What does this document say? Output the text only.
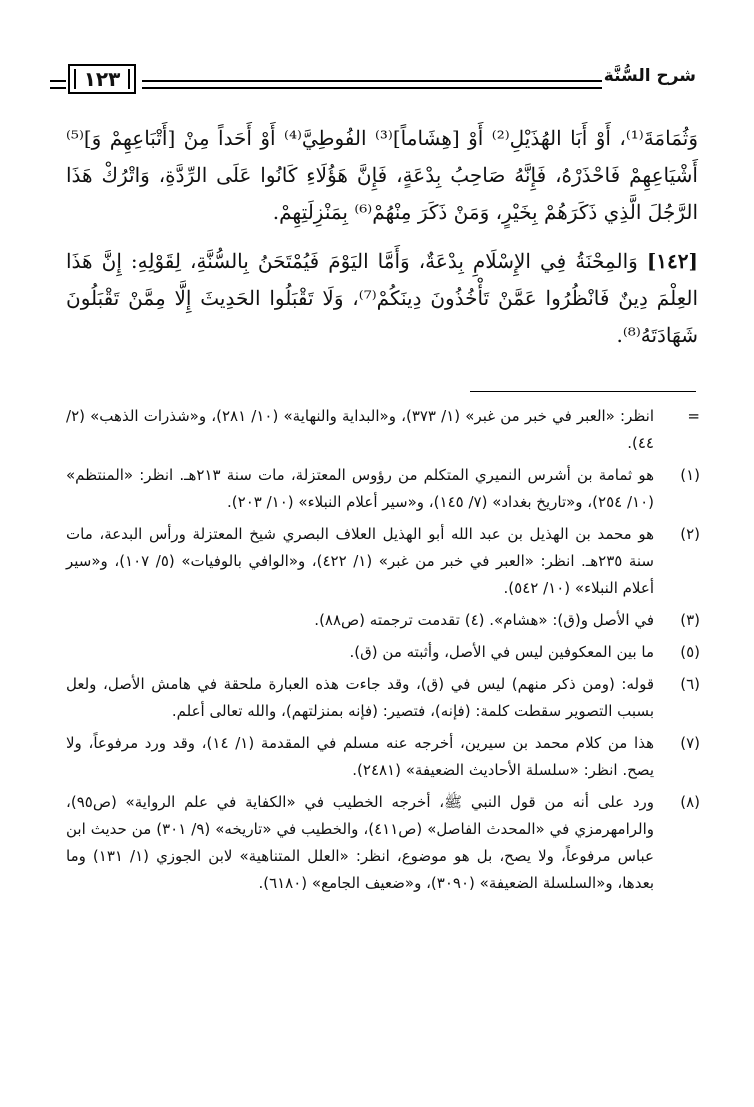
شرح السُّنَّة
١٢٣

وَثُمَامَةَ⁽¹⁾، أَوْ أَبَا الهُذَيْلِ⁽²⁾ أَوْ [هِشَاماً]⁽³⁾ الفُوطِيَّ⁽⁴⁾ أَوْ أَحَداً مِنْ [أَتْبَاعِهِمْ وَ]⁽⁵⁾ أَشْيَاعِهِمْ فَاحْذَرْهُ، فَإِنَّهُ صَاحِبُ بِدْعَةٍ، فَإِنَّ هَؤُلَاءِ كَانُوا عَلَى الرِّدَّةِ، وَاتْرُكْ هَذَا الرَّجُلَ الَّذِي ذَكَرَهُمْ بِخَيْرٍ، وَمَنْ ذَكَرَ مِنْهُمْ⁽⁶⁾ بِمَنْزِلَتِهِمْ.

[١٤٢] وَالمِحْنَةُ فِي الإِسْلَامِ بِدْعَةٌ، وَأَمَّا اليَوْمَ فَيُمْتَحَنُ بِالسُّنَّةِ، لِقَوْلِهِ: إِنَّ هَذَا العِلْمَ دِينٌ فَانْظُرُوا عَمَّنْ تَأْخُذُونَ دِينَكُمْ⁽⁷⁾، وَلَا تَقْبَلُوا الحَدِيثَ إِلَّا مِمَّنْ تَقْبَلُونَ شَهَادَتَهُ⁽⁸⁾.

=
انظر: «العبر في خبر من غبر» (١/ ٣٧٣)، و«البداية والنهاية» (١٠/ ٢٨١)، و«شذرات الذهب» (٢/ ٤٤).
(١)
هو ثمامة بن أشرس النميري المتكلم من رؤوس المعتزلة، مات سنة ٢١٣هـ. انظر: «المنتظم» (١٠/ ٢٥٤)، و«تاريخ بغداد» (٧/ ١٤٥)، و«سير أعلام النبلاء» (١٠/ ٢٠٣).
(٢)
هو محمد بن الهذيل بن عبد الله أبو الهذيل العلاف البصري شيخ المعتزلة ورأس البدعة، مات سنة ٢٣٥هـ. انظر: «العبر في خبر من غبر» (١/ ٤٢٢)، و«الوافي بالوفيات» (٥/ ١٠٧)، و«سير أعلام النبلاء» (١٠/ ٥٤٢).
(٣)
في الأصل و(ق): «هشام». (٤) تقدمت ترجمته (ص٨٨).
(٥)
ما بين المعكوفين ليس في الأصل، وأثبته من (ق).
(٦)
قوله: (ومن ذكر منهم) ليس في (ق)، وقد جاءت هذه العبارة ملحقة في هامش الأصل، ولعل بسبب التصوير سقطت كلمة: (فإنه)، فتصير: (فإنه بمنزلتهم)، والله تعالى أعلم.
(٧)
هذا من كلام محمد بن سيرين، أخرجه عنه مسلم في المقدمة (١/ ١٤)، وقد ورد مرفوعاً، ولا يصح. انظر: «سلسلة الأحاديث الضعيفة» (٢٤٨١).
(٨)
ورد على أنه من قول النبي ﷺ، أخرجه الخطيب في «الكفاية في علم الرواية» (ص٩٥)، والرامهرمزي في «المحدث الفاصل» (ص٤١١)، والخطيب في «تاريخه» (٩/ ٣٠١) من حديث ابن عباس مرفوعاً، ولا يصح، بل هو موضوع، انظر: «العلل المتناهية» لابن الجوزي (١/ ١٣١) وما بعدها، و«السلسلة الضعيفة» (٣٠٩٠)، و«ضعيف الجامع» (٦١٨٠).
